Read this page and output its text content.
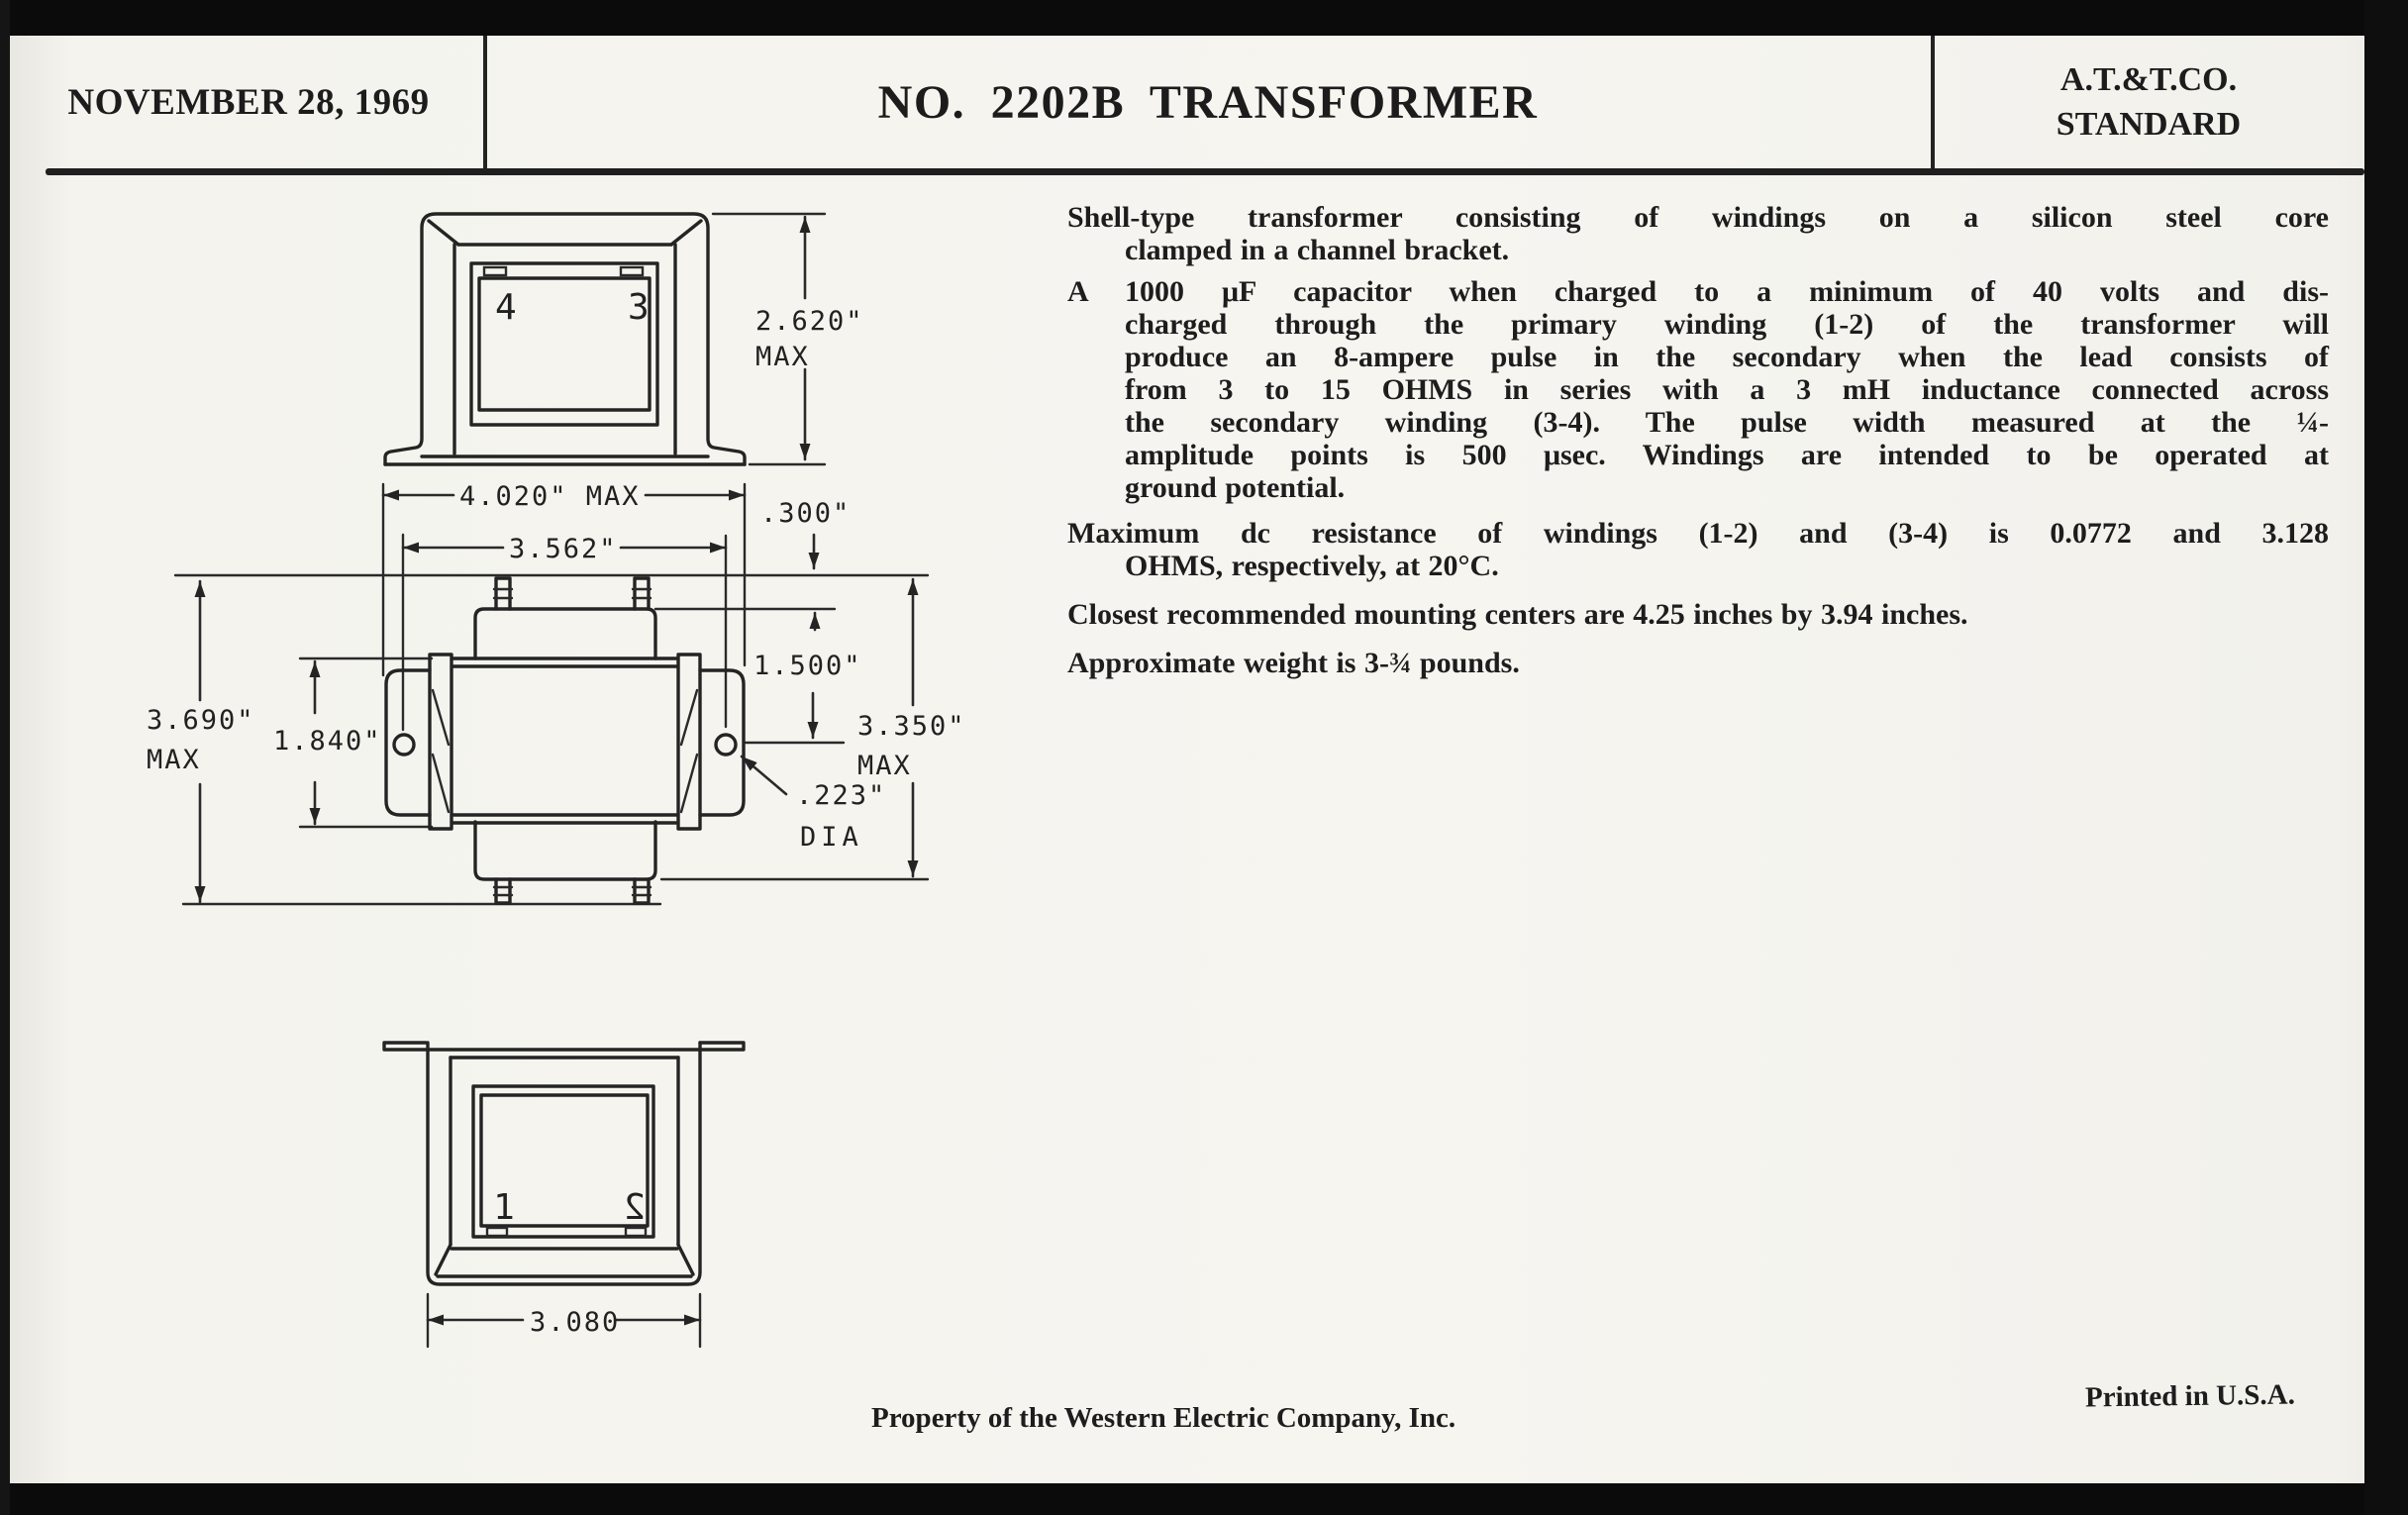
NOVEMBER 28, 1969	NO. 2202B TRANSFORMER	A.T.&T.CO.
STANDARD
Shell-type transformer consisting of windings on a silicon steel core
clamped in a channel bracket.
A 1000 μF capacitor when charged to a minimum of 40 volts and dis-
charged through the primary winding (1-2) of the transformer will
produce an 8-ampere pulse in the secondary when the lead consists of
from 3 to 15 OHMS in series with a 3 mH inductance connected across
the secondary winding (3-4). The pulse width measured at the ¼-
amplitude points is 500 μsec. Windings are intended to be operated at
ground potential.
Maximum dc resistance of windings (1-2) and (3-4) is 0.0772 and 3.128
OHMS, respectively, at 20°C.
Closest recommended mounting centers are 4.25 inches by 3.94 inches.
Approximate weight is 3-¾ pounds.
4	3	2.620"
MAX
4.020" MAX
3.562"
.300"
1.500"
3.690"
MAX
1.840"	3.350"
MAX
.223"
DIA
1	2
3.080
Property of the Western Electric Company, Inc.
Printed in U.S.A.
